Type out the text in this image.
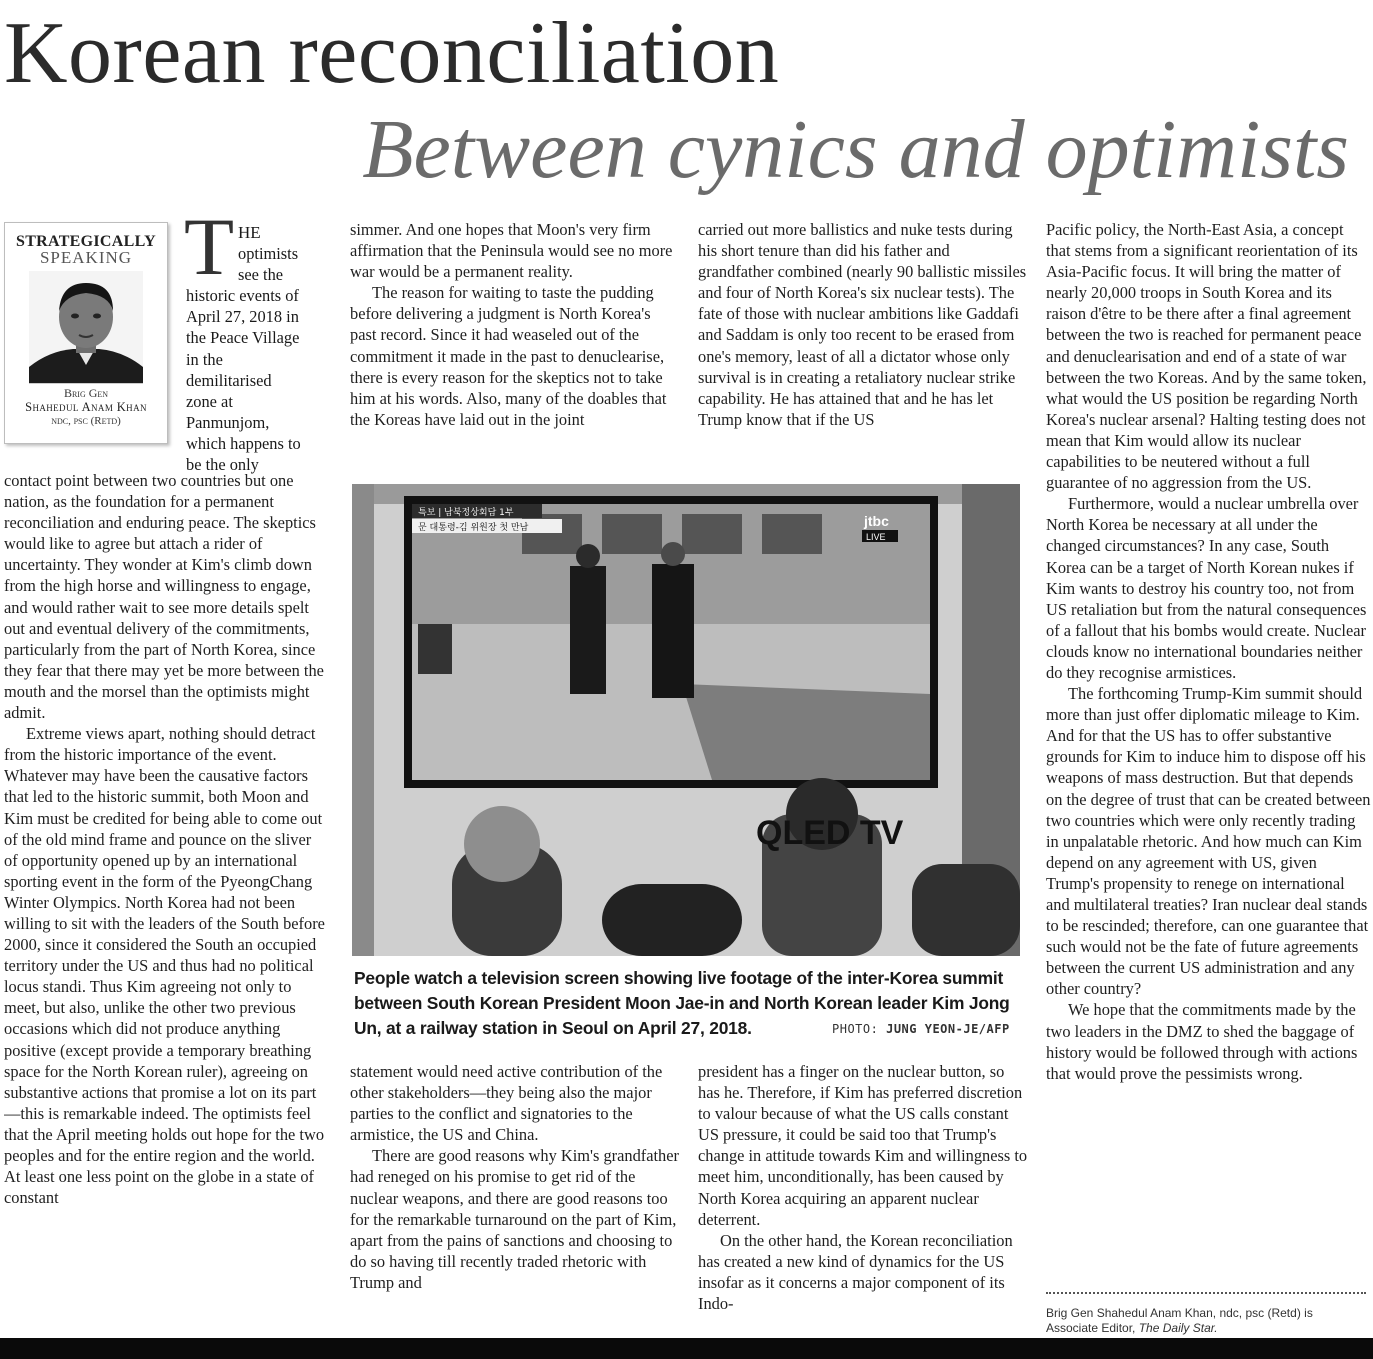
Korean reconciliation
Between cynics and optimists
STRATEGICALLY
SPEAKING
Brig Gen
Shahedul Anam Khan
ndc, psc (Retd)
T HE
optimists
see the
historic events of
April 27, 2018 in
the Peace Village
in the
demilitarised
zone at
Panmunjom,
which happens to
be the only

contact point between two countries but one nation, as the foundation for a permanent reconciliation and enduring peace. The skeptics would like to agree but attach a rider of uncertainty. They wonder at Kim's climb down from the high horse and willingness to engage, and would rather wait to see more details spelt out and eventual delivery of the commitments, particularly from the part of North Korea, since they fear that there may yet be more between the mouth and the morsel than the optimists might admit.

Extreme views apart, nothing should detract from the historic importance of the event. Whatever may have been the causative factors that led to the historic summit, both Moon and Kim must be credited for being able to come out of the old mind frame and pounce on the sliver of opportunity opened up by an international sporting event in the form of the PyeongChang Winter Olympics. North Korea had not been willing to sit with the leaders of the South before 2000, since it considered the South an occupied territory under the US and thus had no political locus standi. Thus Kim agreeing not only to meet, but also, unlike the other two previous occasions which did not produce anything positive (except provide a temporary breathing space for the North Korean ruler), agreeing on substantive actions that promise a lot on its part—this is remarkable indeed. The optimists feel that the April meeting holds out hope for the two peoples and for the entire region and the world. At least one less point on the globe in a state of constant

simmer. And one hopes that Moon's very firm affirmation that the Peninsula would see no more war would be a permanent reality.

The reason for waiting to taste the pudding before delivering a judgment is North Korea's past record. Since it had weaseled out of the commitment it made in the past to denuclearise, there is every reason for the skeptics not to take him at his words. Also, many of the doables that the Koreas have laid out in the joint

carried out more ballistics and nuke tests during his short tenure than did his father and grandfather combined (nearly 90 ballistic missiles and four of North Korea's six nuclear tests). The fate of those with nuclear ambitions like Gaddafi and Saddam is only too recent to be erased from one's memory, least of all a dictator whose only survival is in creating a retaliatory nuclear strike capability. He has attained that and he has let Trump know that if the US

특보 | 남북정상회담 1부
문 대통령-김 위원장 첫 만남	jtbc
LIVE
QLED TV
People watch a television screen showing live footage of the inter-Korea summit between South Korean President Moon Jae-in and North Korean leader Kim Jong Un, at a railway station in Seoul on April 27, 2018.	PHOTO: JUNG YEON-JE/AFP

statement would need active contribution of the other stakeholders—they being also the major parties to the conflict and signatories to the armistice, the US and China.

There are good reasons why Kim's grandfather had reneged on his promise to get rid of the nuclear weapons, and there are good reasons too for the remarkable turnaround on the part of Kim, apart from the pains of sanctions and choosing to do so having till recently traded rhetoric with Trump and

president has a finger on the nuclear button, so has he. Therefore, if Kim has preferred discretion to valour because of what the US calls constant US pressure, it could be said too that Trump's change in attitude towards Kim and willingness to meet him, unconditionally, has been caused by North Korea acquiring an apparent nuclear deterrent.

On the other hand, the Korean reconciliation has created a new kind of dynamics for the US insofar as it concerns a major component of its Indo-

Pacific policy, the North-East Asia, a concept that stems from a significant reorientation of its Asia-Pacific focus. It will bring the matter of nearly 20,000 troops in South Korea and its raison d'être to be there after a final agreement between the two is reached for permanent peace and denuclearisation and end of a state of war between the two Koreas. And by the same token, what would the US position be regarding North Korea's nuclear arsenal? Halting testing does not mean that Kim would allow its nuclear capabilities to be neutered without a full guarantee of no aggression from the US.

Furthermore, would a nuclear umbrella over North Korea be necessary at all under the changed circumstances? In any case, South Korea can be a target of North Korean nukes if Kim wants to destroy his country too, not from US retaliation but from the natural consequences of a fallout that his bombs would create. Nuclear clouds know no international boundaries neither do they recognise armistices.

The forthcoming Trump-Kim summit should more than just offer diplomatic mileage to Kim. And for that the US has to offer substantive grounds for Kim to induce him to dispose off his weapons of mass destruction. But that depends on the degree of trust that can be created between two countries which were only recently trading in unpalatable rhetoric. And how much can Kim depend on any agreement with US, given Trump's propensity to renege on international and multilateral treaties? Iran nuclear deal stands to be rescinded; therefore, can one guarantee that such would not be the fate of future agreements between the current US administration and any other country?

We hope that the commitments made by the two leaders in the DMZ to shed the baggage of history would be followed through with actions that would prove the pessimists wrong.

Brig Gen Shahedul Anam Khan, ndc, psc (Retd) is Associate Editor, The Daily Star.
